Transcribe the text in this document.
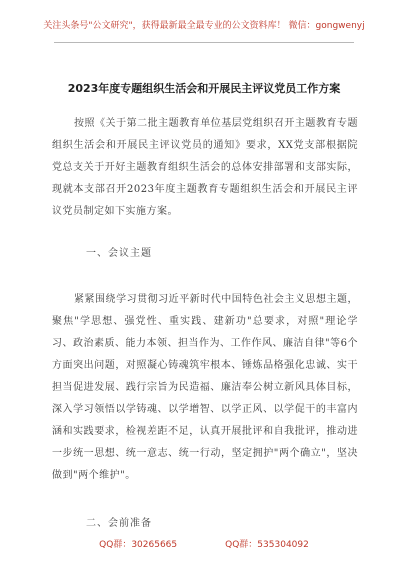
关注头条号"公文研究"，获得最新最全最专业的公文资料库！ 微信：gongwenyj
2023年度专题组织生活会和开展民主评议党员工作方案

按照《关于第二批主题教育单位基层党组织召开主题教育专题组织生活会和开展民主评议党员的通知》要求，XX党支部根据院党总支关于开好主题教育组织生活会的总体安排部署和支部实际，现就本支部召开2023年度主题教育专题组织生活会和开展民主评议党员制定如下实施方案。

一、会议主题

紧紧围绕学习贯彻习近平新时代中国特色社会主义思想主题，聚焦"学思想、强党性、重实践、建新功"总要求，对照"理论学习、政治素质、能力本领、担当作为、工作作风、廉洁自律"等6个方面突出问题，对照凝心铸魂筑牢根本、锤炼品格强化忠诚、实干担当促进发展、践行宗旨为民造福、廉洁奉公树立新风具体目标，深入学习领悟以学铸魂、以学增智、以学正风、以学促干的丰富内涵和实践要求，检视差距不足，认真开展批评和自我批评，推动进一步统一思想、统一意志、统一行动，坚定拥护"两个确立"，坚决做到"两个维护"。

二、会前准备

QQ群：30265665	QQ群：535304092
